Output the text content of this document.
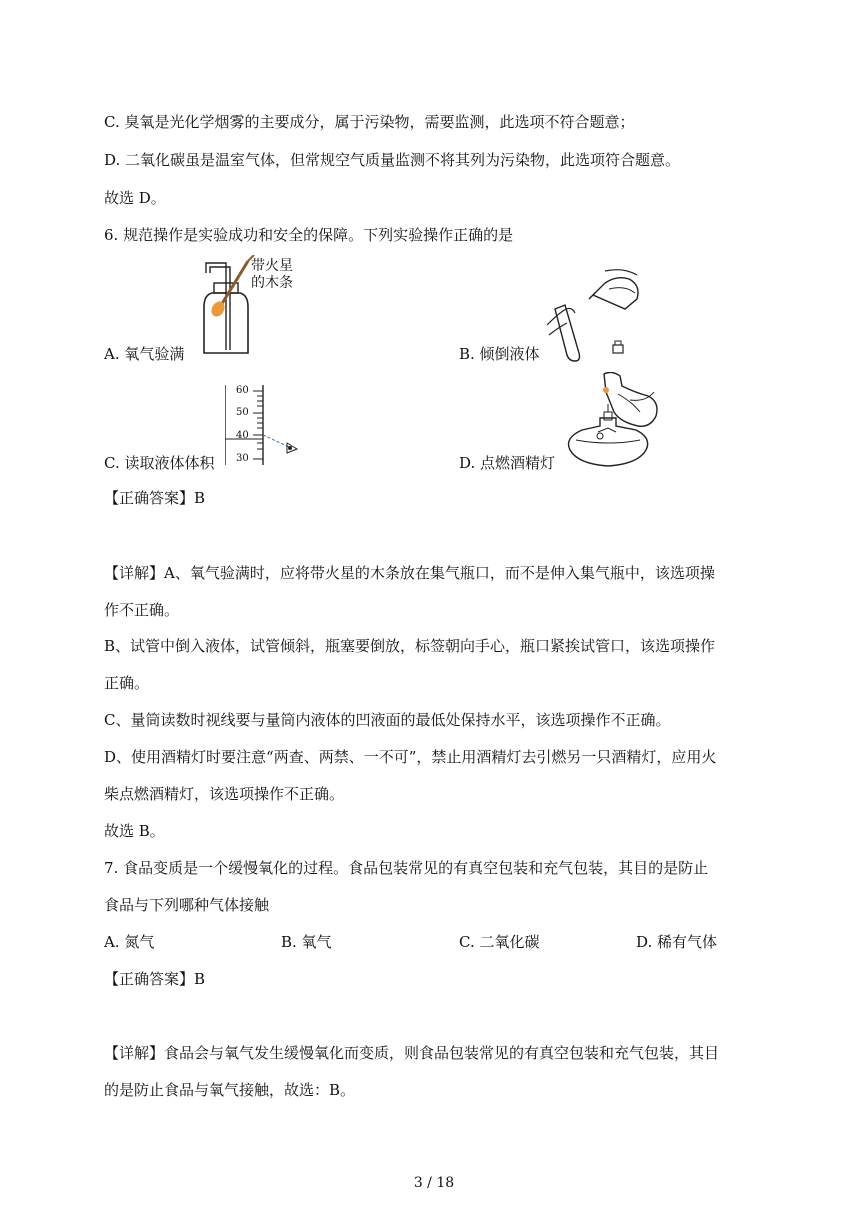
C. 臭氧是光化学烟雾的主要成分，属于污染物，需要监测，此选项不符合题意；
D. 二氧化碳虽是温室气体，但常规空气质量监测不将其列为污染物，此选项符合题意。
故选 D。
6. 规范操作是实验成功和安全的保障。下列实验操作正确的是
带火星
的木条
A. 氧气验满	B. 倾倒液体
60
50
40
30
C. 读取液体体积	D. 点燃酒精灯
【正确答案】B
【详解】A、氧气验满时，应将带火星的木条放在集气瓶口，而不是伸入集气瓶中，该选项操
作不正确。
B、试管中倒入液体，试管倾斜，瓶塞要倒放，标签朝向手心，瓶口紧挨试管口，该选项操作
正确。
C、量筒读数时视线要与量筒内液体的凹液面的最低处保持水平，该选项操作不正确。
D、使用酒精灯时要注意“两查、两禁、一不可”，禁止用酒精灯去引燃另一只酒精灯，应用火
柴点燃酒精灯，该选项操作不正确。
故选 B。
7. 食品变质是一个缓慢氧化的过程。食品包装常见的有真空包装和充气包装，其目的是防止
食品与下列哪种气体接触
A. 氮气	B. 氧气	C. 二氧化碳	D. 稀有气体
【正确答案】B
【详解】食品会与氧气发生缓慢氧化而变质，则食品包装常见的有真空包装和充气包装，其目
的是防止食品与氧气接触，故选：B。
3 / 18
